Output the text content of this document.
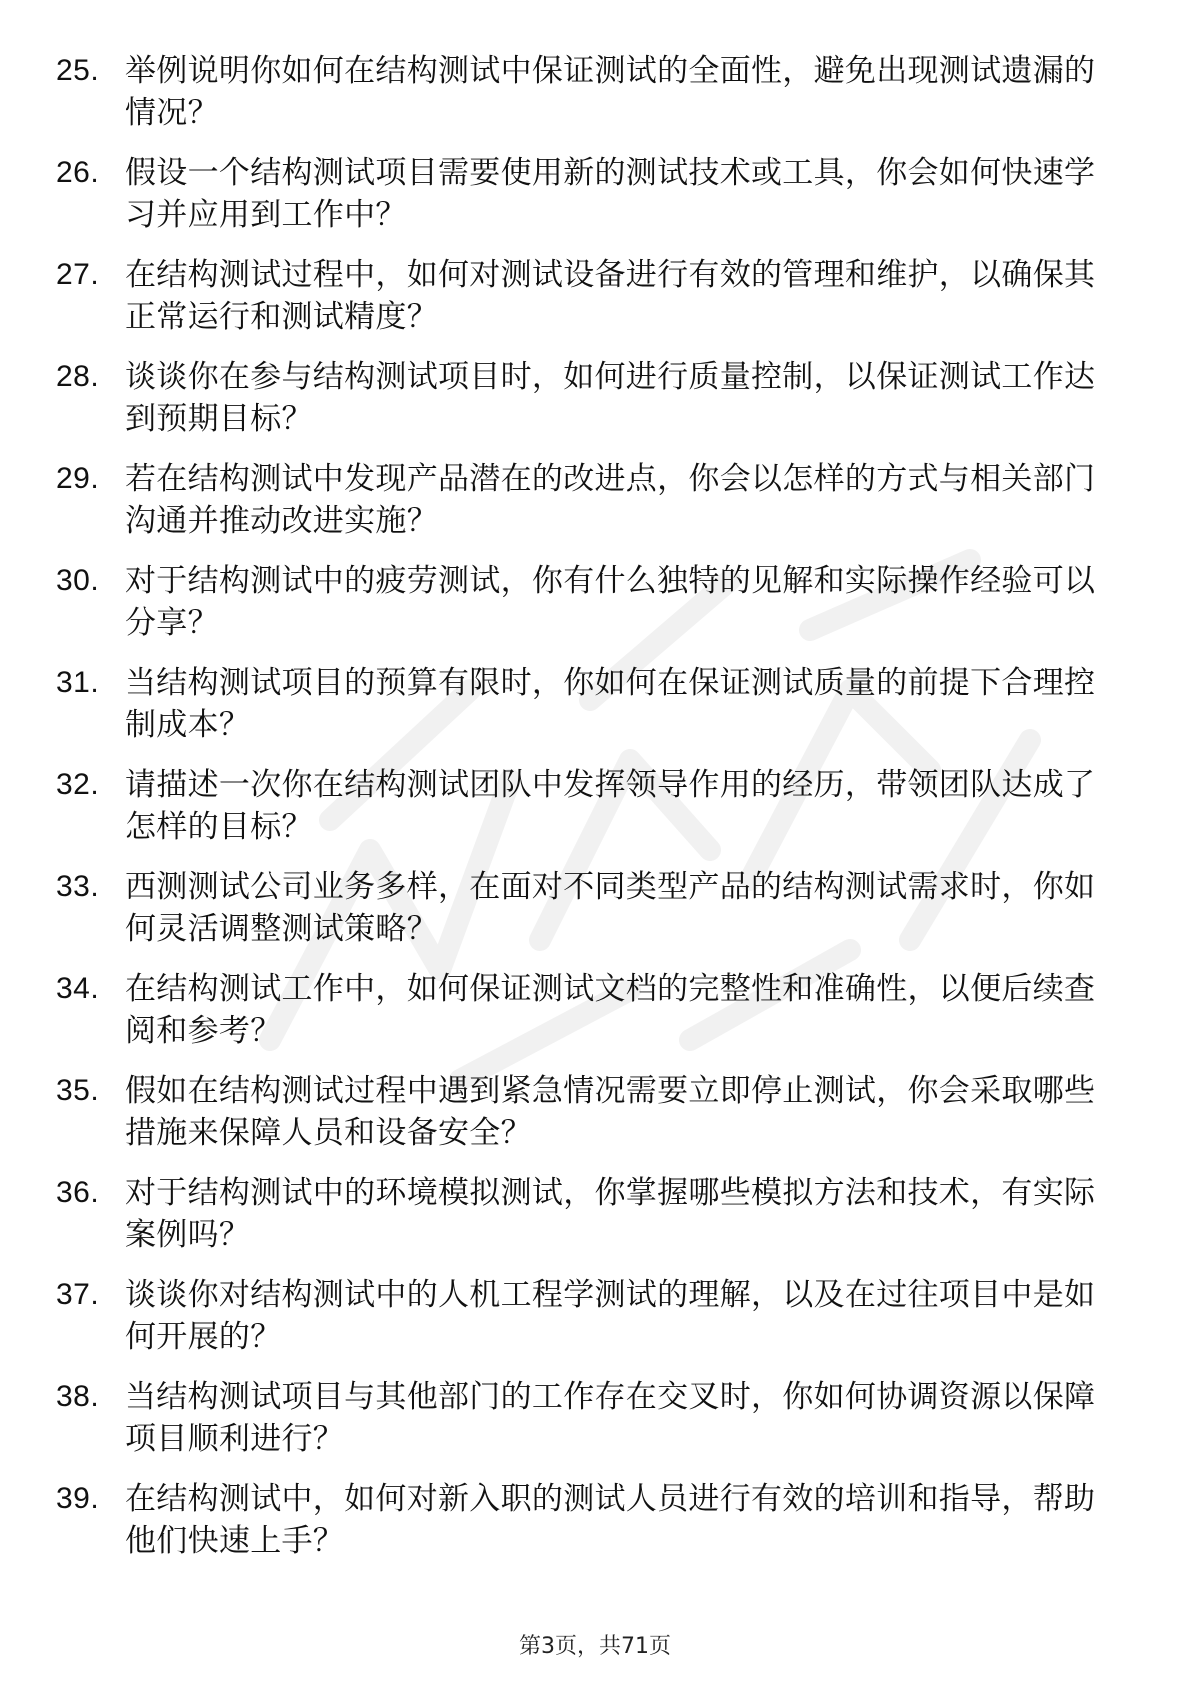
25. 举例说明你如何在结构测试中保证测试的全面性，避免出现测试遗漏的情况？
26. 假设一个结构测试项目需要使用新的测试技术或工具，你会如何快速学习并应用到工作中？
27. 在结构测试过程中，如何对测试设备进行有效的管理和维护，以确保其正常运行和测试精度？
28. 谈谈你在参与结构测试项目时，如何进行质量控制，以保证测试工作达到预期目标？
29. 若在结构测试中发现产品潜在的改进点，你会以怎样的方式与相关部门沟通并推动改进实施？
30. 对于结构测试中的疲劳测试，你有什么独特的见解和实际操作经验可以分享？
31. 当结构测试项目的预算有限时，你如何在保证测试质量的前提下合理控制成本？
32. 请描述一次你在结构测试团队中发挥领导作用的经历，带领团队达成了怎样的目标？
33. 西测测试公司业务多样，在面对不同类型产品的结构测试需求时，你如何灵活调整测试策略？
34. 在结构测试工作中，如何保证测试文档的完整性和准确性，以便后续查阅和参考？
35. 假如在结构测试过程中遇到紧急情况需要立即停止测试，你会采取哪些措施来保障人员和设备安全？
36. 对于结构测试中的环境模拟测试，你掌握哪些模拟方法和技术，有实际案例吗？
37. 谈谈你对结构测试中的人机工程学测试的理解，以及在过往项目中是如何开展的？
38. 当结构测试项目与其他部门的工作存在交叉时，你如何协调资源以保障项目顺利进行？
39. 在结构测试中，如何对新入职的测试人员进行有效的培训和指导，帮助他们快速上手？
第3页，共71页
